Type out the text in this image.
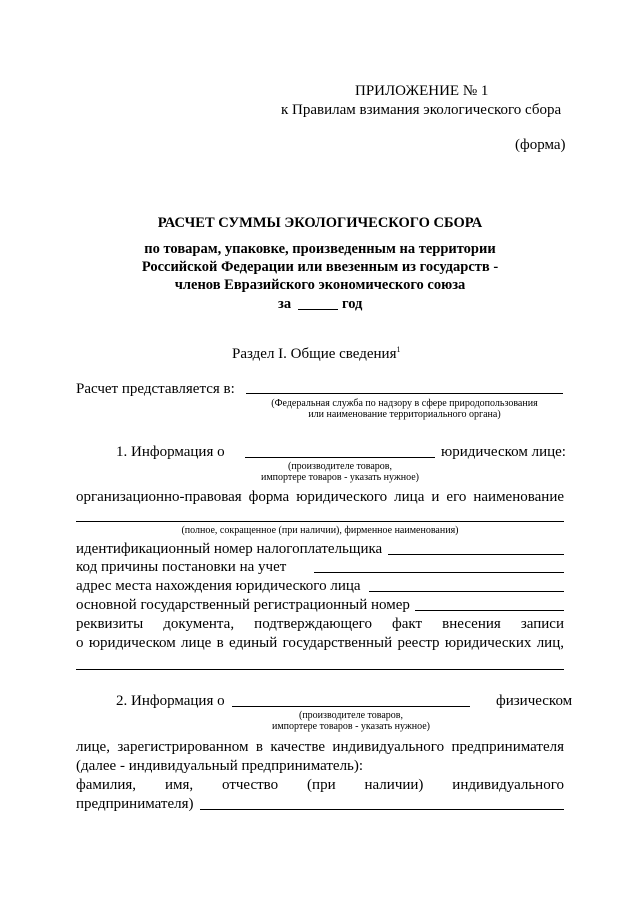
ПРИЛОЖЕНИЕ № 1
к Правилам взимания экологического сбора
(форма)
РАСЧЕТ СУММЫ ЭКОЛОГИЧЕСКОГО СБОРА
по товарам, упаковке, произведенным на территории
Российской Федерации или ввезенным из государств -
членов Евразийского экономического союза
за	год
Раздел I. Общие сведения$^1$
Расчет представляется в:
(Федеральная служба по надзору в сфере природопользования
или наименование территориального органа)
1. Информация о	юридическом лице:
(производителе товаров,
импортере товаров - указать нужное)
организационно-правовая форма юридического лица и его наименование
(полное, сокращенное (при наличии), фирменное наименования)
идентификационный номер налогоплательщика
код причины постановки на учет
адрес места нахождения юридического лица
основной государственный регистрационный номер
реквизиты документа, подтверждающего факт внесения записи
о юридическом лице в единый государственный реестр юридических лиц,
2. Информация о	физическом
(производителе товаров,
импортере товаров - указать нужное)
лице, зарегистрированном в качестве индивидуального предпринимателя
(далее - индивидуальный предприниматель):
фамилия, имя, отчество (при наличии) индивидуального
предпринимателя)
